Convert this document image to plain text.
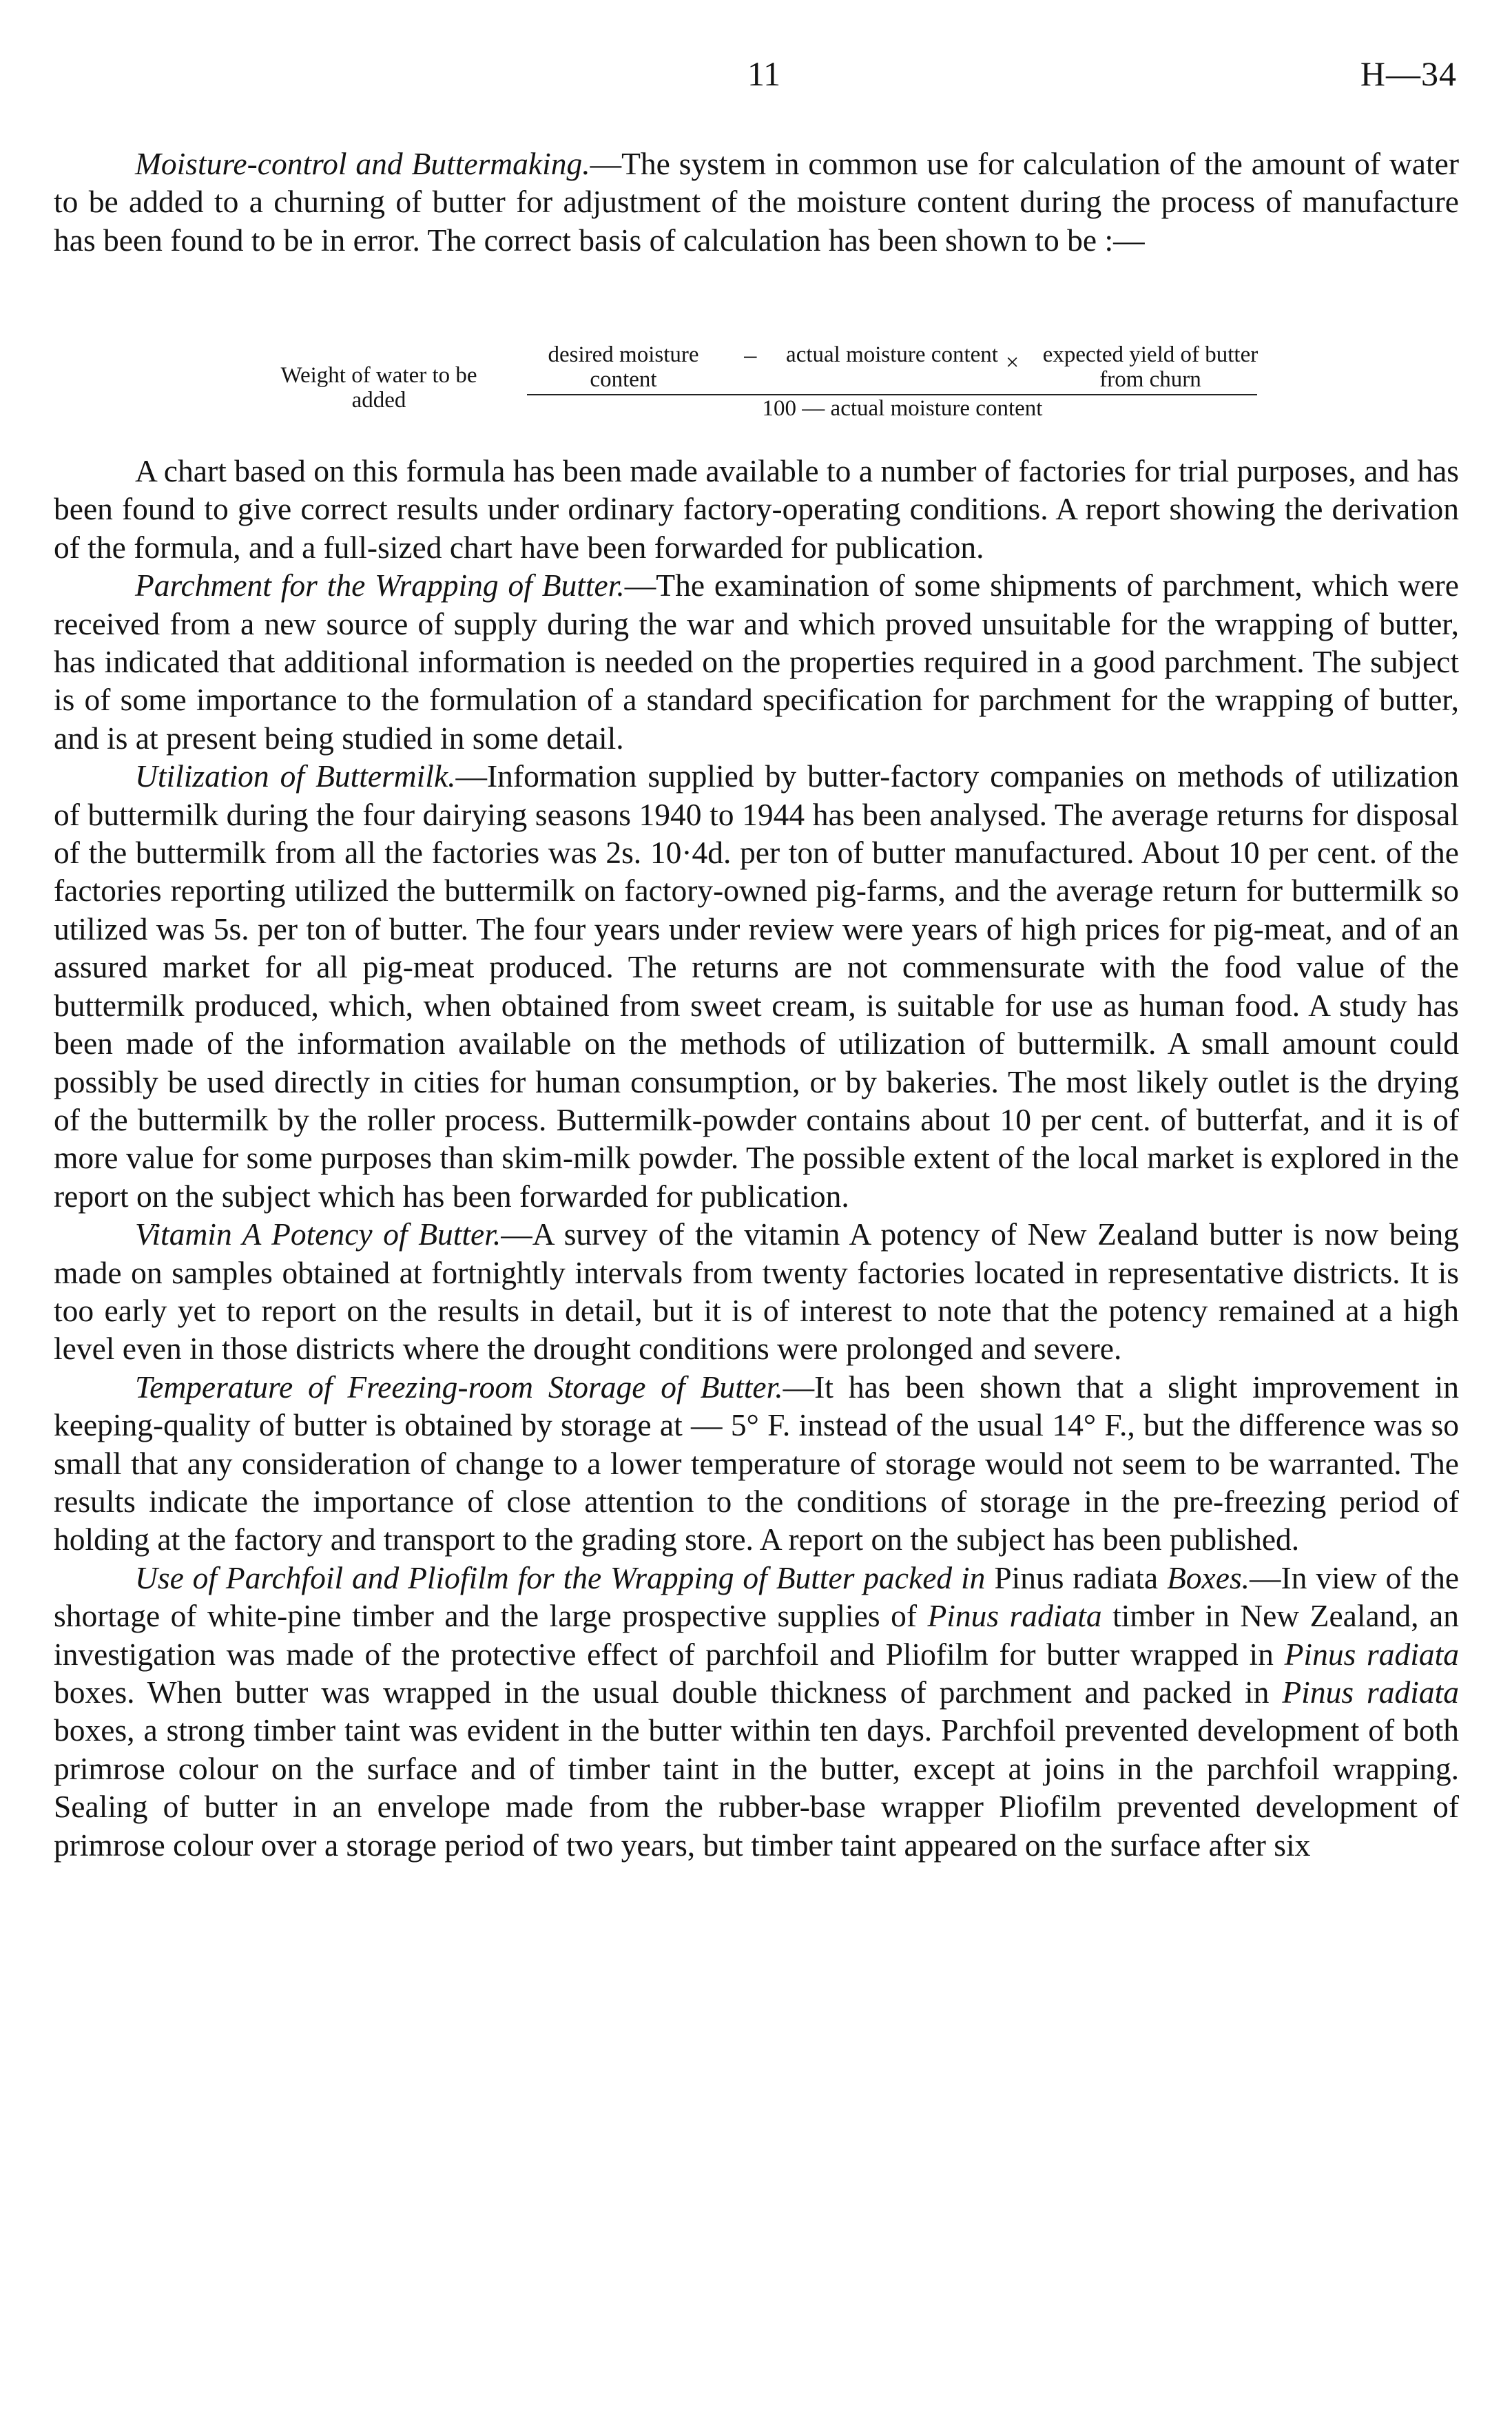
11	H—34

Moisture-control and Buttermaking.—The system in common use for calculation of the amount of water to be added to a churning of butter for adjustment of the moisture content during the process of manufacture has been found to be in error. The correct basis of calculation has been shown to be :—

Weight of water to be added
desired moisture content
− actual moisture content × expected yield of butter from churn
100 — actual moisture content

A chart based on this formula has been made available to a number of factories for trial purposes, and has been found to give correct results under ordinary factory-operating conditions. A report showing the derivation of the formula, and a full-sized chart have been forwarded for publication.

Parchment for the Wrapping of Butter.—The examination of some shipments of parchment, which were received from a new source of supply during the war and which proved unsuitable for the wrapping of butter, has indicated that additional information is needed on the properties required in a good parchment. The subject is of some importance to the formulation of a standard specification for parchment for the wrapping of butter, and is at present being studied in some detail.

Utilization of Buttermilk.—Information supplied by butter-factory companies on methods of utilization of buttermilk during the four dairying seasons 1940 to 1944 has been analysed. The average returns for disposal of the buttermilk from all the factories was 2s. 10·4d. per ton of butter manufactured. About 10 per cent. of the factories reporting utilized the buttermilk on factory-owned pig-farms, and the average return for buttermilk so utilized was 5s. per ton of butter. The four years under review were years of high prices for pig-meat, and of an assured market for all pig-meat produced. The returns are not commensurate with the food value of the buttermilk produced, which, when obtained from sweet cream, is suitable for use as human food. A study has been made of the information available on the methods of utilization of buttermilk. A small amount could possibly be used directly in cities for human consumption, or by bakeries. The most likely outlet is the drying of the buttermilk by the roller process. Buttermilk-powder contains about 10 per cent. of butterfat, and it is of more value for some purposes than skim-milk powder. The possible extent of the local market is explored in the report on the subject which has been forwarded for publication.

Vitamin A Potency of Butter.—A survey of the vitamin A potency of New Zealand butter is now being made on samples obtained at fortnightly intervals from twenty factories located in representative districts. It is too early yet to report on the results in detail, but it is of interest to note that the potency remained at a high level even in those districts where the drought conditions were prolonged and severe.

Temperature of Freezing-room Storage of Butter.—It has been shown that a slight improvement in keeping-quality of butter is obtained by storage at — 5° F. instead of the usual 14° F., but the difference was so small that any consideration of change to a lower temperature of storage would not seem to be warranted. The results indicate the importance of close attention to the conditions of storage in the pre-freezing period of holding at the factory and transport to the grading store. A report on the subject has been published.

Use of Parchfoil and Pliofilm for the Wrapping of Butter packed in Pinus radiata Boxes.—In view of the shortage of white-pine timber and the large prospective supplies of Pinus radiata timber in New Zealand, an investigation was made of the protective effect of parchfoil and Pliofilm for butter wrapped in Pinus radiata boxes. When butter was wrapped in the usual double thickness of parchment and packed in Pinus radiata boxes, a strong timber taint was evident in the butter within ten days. Parchfoil prevented development of both primrose colour on the surface and of timber taint in the butter, except at joins in the parchfoil wrapping. Sealing of butter in an envelope made from the rubber-base wrapper Pliofilm prevented development of primrose colour over a storage period of two years, but timber taint appeared on the surface after six
